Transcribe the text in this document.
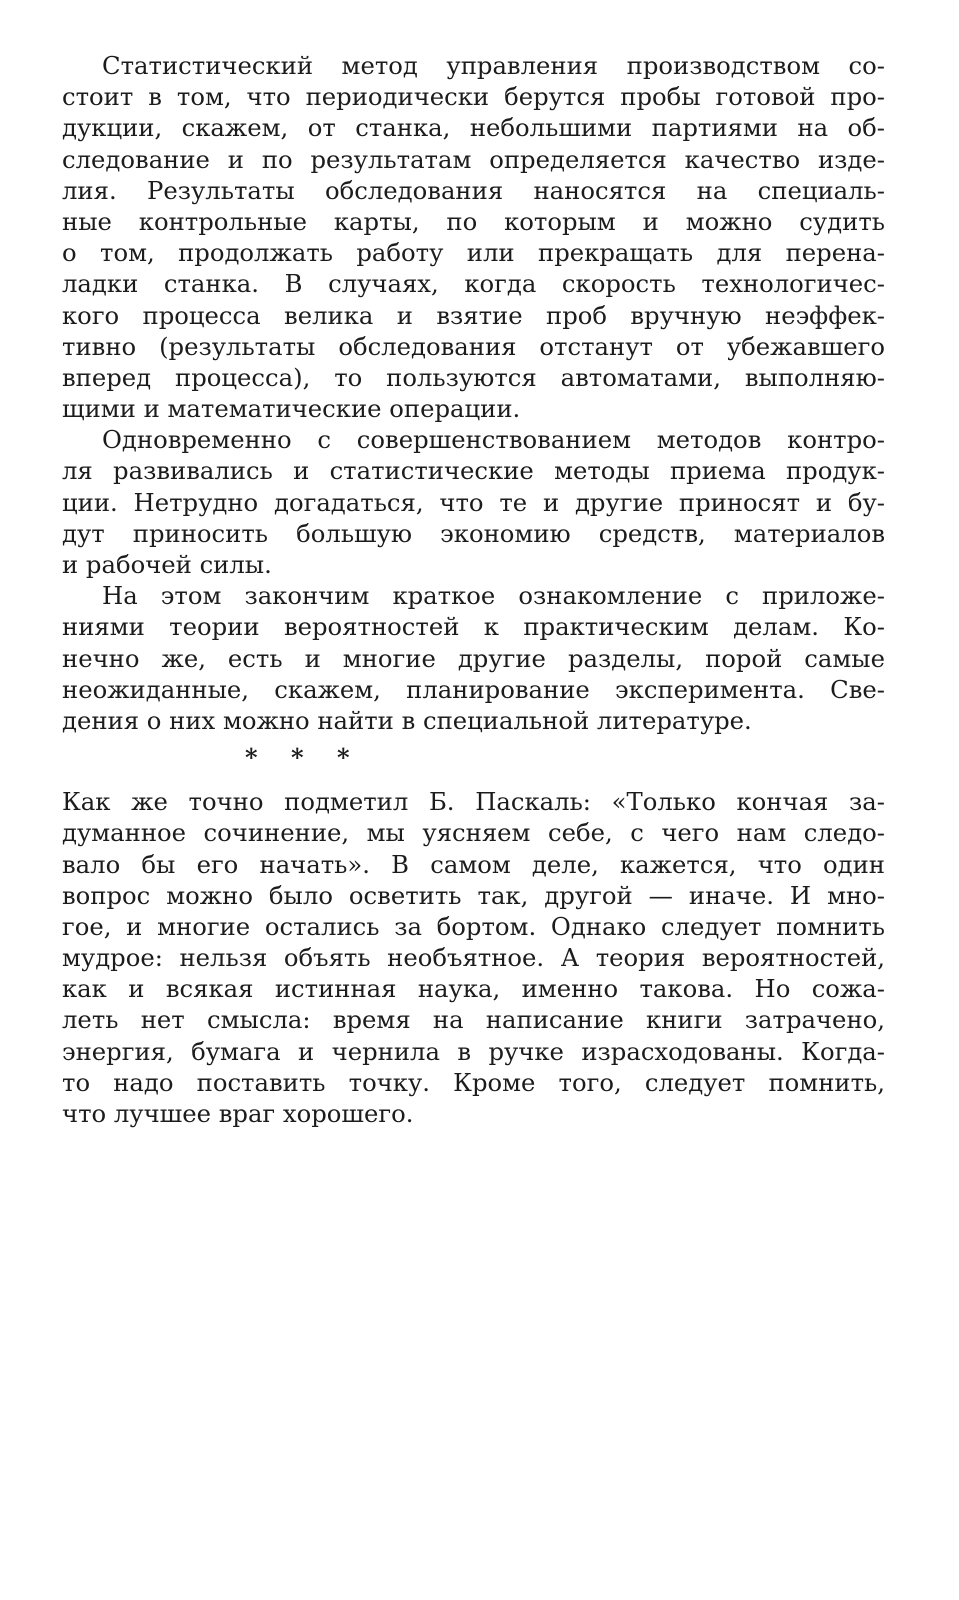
Статистический метод управления производством со-
стоит в том, что периодически берутся пробы готовой про-
дукции, скажем, от станка, небольшими партиями на об-
следование и по результатам определяется качество изде-
лия. Результаты обследования наносятся на специаль-
ные контрольные карты, по которым и можно судить
о том, продолжать работу или прекращать для перена-
ладки станка. В случаях, когда скорость технологичес-
кого процесса велика и взятие проб вручную неэффек-
тивно (результаты обследования отстанут от убежавшего
вперед процесса), то пользуются автоматами, выполняю-
щими и математические операции.
Одновременно с совершенствованием методов контро-
ля развивались и статистические методы приема продук-
ции. Нетрудно догадаться, что те и другие приносят и бу-
дут приносить большую экономию средств, материалов
и рабочей силы.
На этом закончим краткое ознакомление с приложе-
ниями теории вероятностей к практическим делам. Ко-
нечно же, есть и многие другие разделы, порой самые
неожиданные, скажем, планирование эксперимента. Све-
дения о них можно найти в специальной литературе.
* * *
Как же точно подметил Б. Паскаль: «Только кончая за-
думанное сочинение, мы уясняем себе, с чего нам следо-
вало бы его начать». В самом деле, кажется, что один
вопрос можно было осветить так, другой — иначе. И мно-
гое, и многие остались за бортом. Однако следует помнить
мудрое: нельзя объять необъятное. А теория вероятностей,
как и всякая истинная наука, именно такова. Но сожа-
леть нет смысла: время на написание книги затрачено,
энергия, бумага и чернила в ручке израсходованы. Когда-
то надо поставить точку. Кроме того, следует помнить,
что лучшее враг хорошего.
